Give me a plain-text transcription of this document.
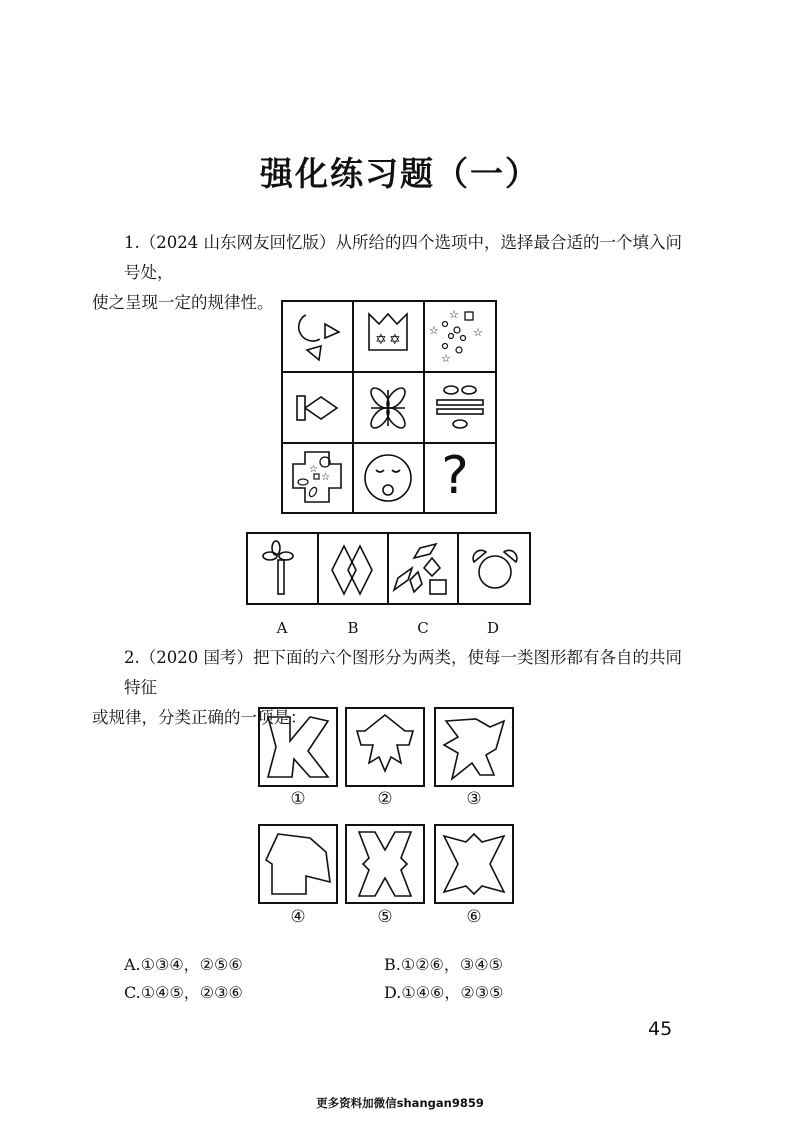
强化练习题（一）
1.（2024 山东网友回忆版）从所给的四个选项中，选择最合适的一个填入问号处，
使之呈现一定的规律性。
✡ ✡
☆
☆	☆
☆
☆
☆ ?
A	B	C	D
2.（2020 国考）把下面的六个图形分为两类，使每一类图形都有各自的共同特征
或规律，分类正确的一项是：
①	②	③
④	⑤	⑥
A.①③④，②⑤⑥	B.①②⑥，③④⑤
C.①④⑤，②③⑥	D.①④⑥，②③⑤
45
更多资料加微信shangan9859
